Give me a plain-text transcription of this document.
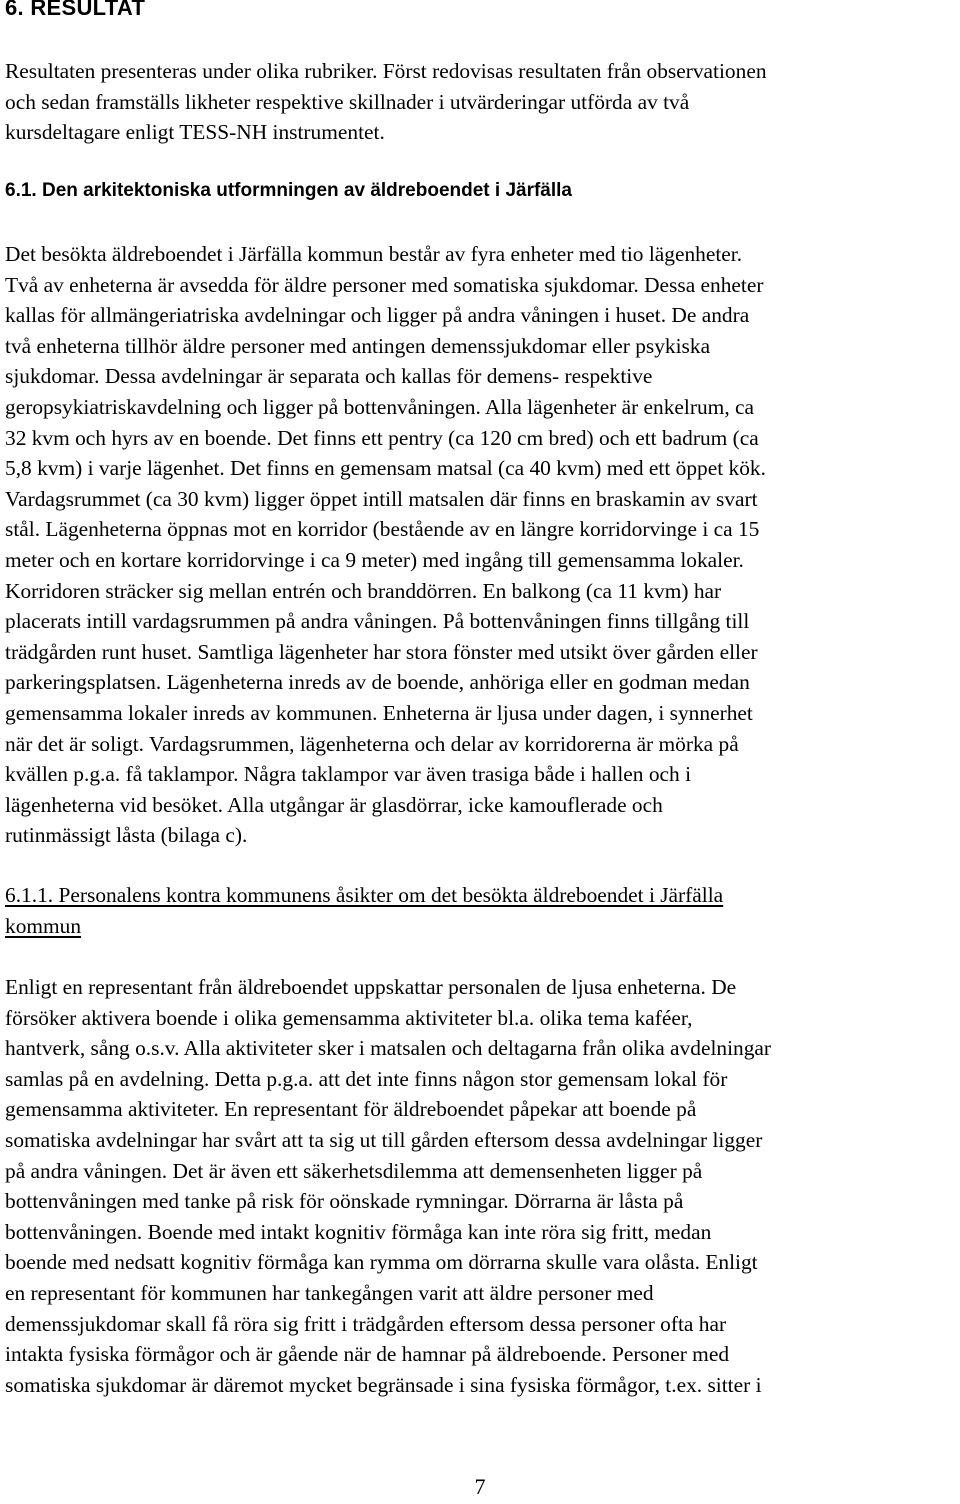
6. RESULTAT
Resultaten presenteras under olika rubriker. Först redovisas resultaten från observationen
och sedan framställs likheter respektive skillnader i utvärderingar utförda av två
kursdeltagare enligt TESS-NH instrumentet.
6.1. Den arkitektoniska utformningen av äldreboendet i Järfälla
Det besökta äldreboendet i Järfälla kommun består av fyra enheter med tio lägenheter.
Två av enheterna är avsedda för äldre personer med somatiska sjukdomar. Dessa enheter
kallas för allmängeriatriska avdelningar och ligger på andra våningen i huset. De andra
två enheterna tillhör äldre personer med antingen demenssjukdomar eller psykiska
sjukdomar. Dessa avdelningar är separata och kallas för demens- respektive
geropsykiatriskavdelning och ligger på bottenvåningen. Alla lägenheter är enkelrum, ca
32 kvm och hyrs av en boende. Det finns ett pentry (ca 120 cm bred) och ett badrum (ca
5,8 kvm) i varje lägenhet. Det finns en gemensam matsal (ca 40 kvm) med ett öppet kök.
Vardagsrummet (ca 30 kvm) ligger öppet intill matsalen där finns en braskamin av svart
stål. Lägenheterna öppnas mot en korridor (bestående av en längre korridorvinge i ca 15
meter och en kortare korridorvinge i ca 9 meter) med ingång till gemensamma lokaler.
Korridoren sträcker sig mellan entrén och branddörren. En balkong (ca 11 kvm) har
placerats intill vardagsrummen på andra våningen. På bottenvåningen finns tillgång till
trädgården runt huset. Samtliga lägenheter har stora fönster med utsikt över gården eller
parkeringsplatsen. Lägenheterna inreds av de boende, anhöriga eller en godman medan
gemensamma lokaler inreds av kommunen. Enheterna är ljusa under dagen, i synnerhet
när det är soligt. Vardagsrummen, lägenheterna och delar av korridorerna är mörka på
kvällen p.g.a. få taklampor. Några taklampor var även trasiga både i hallen och i
lägenheterna vid besöket. Alla utgångar är glasdörrar, icke kamouflerade och
rutinmässigt låsta (bilaga c).
6.1.1. Personalens kontra kommunens åsikter om det besökta äldreboendet i Järfälla
kommun
Enligt en representant från äldreboendet uppskattar personalen de ljusa enheterna. De
försöker aktivera boende i olika gemensamma aktiviteter bl.a. olika tema kaféer,
hantverk, sång o.s.v. Alla aktiviteter sker i matsalen och deltagarna från olika avdelningar
samlas på en avdelning. Detta p.g.a. att det inte finns någon stor gemensam lokal för
gemensamma aktiviteter. En representant för äldreboendet påpekar att boende på
somatiska avdelningar har svårt att ta sig ut till gården eftersom dessa avdelningar ligger
på andra våningen. Det är även ett säkerhetsdilemma att demensenheten ligger på
bottenvåningen med tanke på risk för oönskade rymningar. Dörrarna är låsta på
bottenvåningen. Boende med intakt kognitiv förmåga kan inte röra sig fritt, medan
boende med nedsatt kognitiv förmåga kan rymma om dörrarna skulle vara olåsta. Enligt
en representant för kommunen har tankegången varit att äldre personer med
demenssjukdomar skall få röra sig fritt i trädgården eftersom dessa personer ofta har
intakta fysiska förmågor och är gående när de hamnar på äldreboende. Personer med
somatiska sjukdomar är däremot mycket begränsade i sina fysiska förmågor, t.ex. sitter i
7
